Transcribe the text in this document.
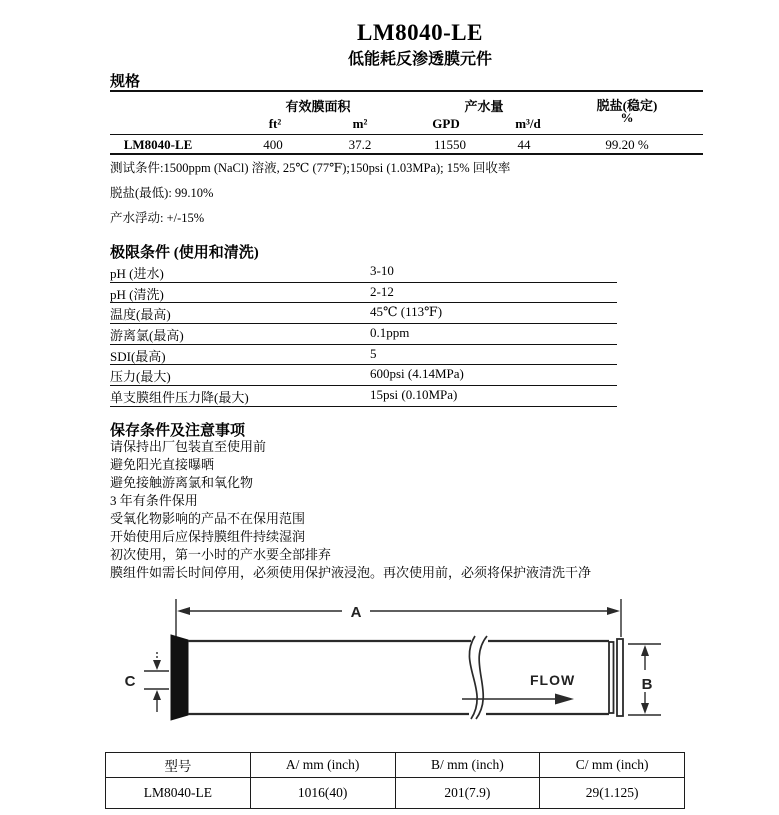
LM8040-LE
低能耗反渗透膜元件
规格
有效膜面积	产水量	脱盐(稳定)
%
ft²	m²	GPD	m³/d
LM8040-LE	400	37.2	11550	44	99.20 %
测试条件:1500ppm (NaCl) 溶液, 25℃ (77℉);150psi (1.03MPa); 15% 回收率
脱盐(最低): 99.10%
产水浮动: +/-15%
极限条件 (使用和清洗)
pH (进水)	3-10
pH (清洗)	2-12
温度(最高)	45℃ (113℉)
游离氯(最高)	0.1ppm
SDI(最高)	5
压力(最大)	600psi (4.14MPa)
单支膜组件压力降(最大)	15psi (0.10MPa)
保存条件及注意事项
请保持出厂包装直至使用前
避免阳光直接曝晒
避免接触游离氯和氧化物
3 年有条件保用
受氧化物影响的产品不在保用范围
开始使用后应保持膜组件持续湿润
初次使用，第一小时的产水要全部排弃
膜组件如需长时间停用，必须使用保护液浸泡。再次使用前，必须将保护液清洗干净
A
FLOW	B
C
型号	A/ mm (inch)	B/ mm (inch)	C/ mm (inch)
LM8040-LE	1016(40)	201(7.9)	29(1.125)
